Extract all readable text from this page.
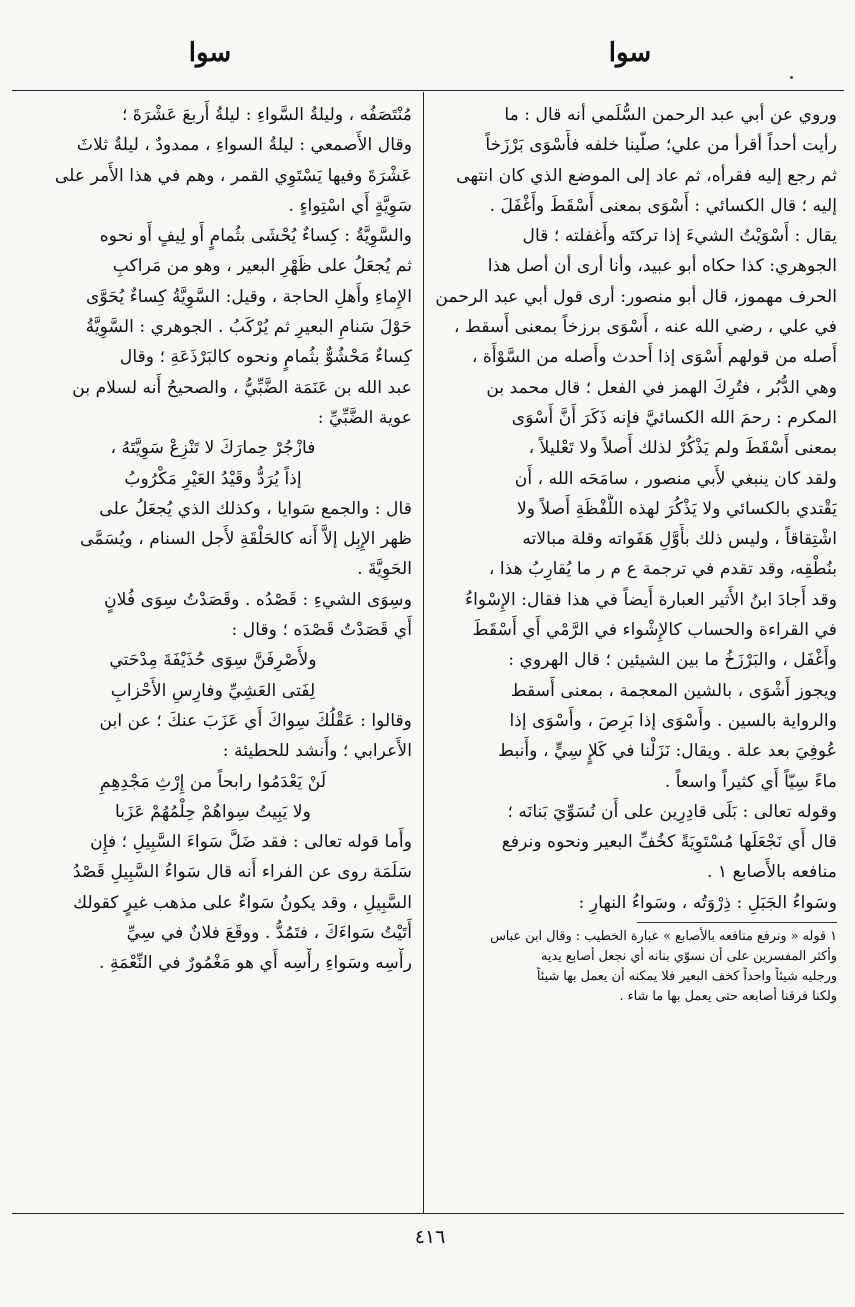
سوا
سوا

وروي عن أبي عبد الرحمن السُّلَمي أنه قال : ما
رأيت أحداً أقرأ من علي؛ صلّينا خلفه فأَسْوَى بَرْزَخاً
ثم رجع إليه فقرأه، ثم عاد إلى الموضع الذي كان انتهى
إليه ؛ قال الكسائي : أَسْوَى بمعنى أَسْقَطَ وأَغْفَلَ .
يقال : أَسْوَيْتُ الشيءَ إذا تركتَه وأَغفلته ؛ قال
الجوهري: كذا حكاه أبو عبيد، وأنا أرى أن أصل هذا
الحرف مهموز، قال أبو منصور: أرى قول أبي عبد الرحمن
في علي ، رضي الله عنه ، أَسْوَى برزخاً بمعنى أَسقط ،
أَصله من قولهم أَسْوَى إذا أَحدث وأَصله من السَّوْأَة ،
وهي الدُّبُر ، فتُرِكَ الهمز في الفعل ؛ قال محمد بن
المكرم : رحمَ الله الكسائيَّ فإنه ذَكَرَ أَنَّ أَسْوَى
بمعنى أَسْقَطَ ولم يَذْكُرْ لذلك أَصلاً ولا تَعْليلاً ،
ولقد كان ينبغي لأَبي منصور ، سامَحَه الله ، أَن
يَقْتدي بالكسائي ولا يَذْكُرَ لهذه اللَّفْظَةِ أَصلاً ولا
اشْتِقاقاً ، وليس ذلك بأَوَّلِ هَفَواته وقلة مبالاته
بنُطْقِه، وقد تقدم في ترجمة ع م ر ما يُقارِبُ هذا ،
وقد أَجادَ ابنُ الأَثير العبارة أَيضاً في هذا فقال: الإِسْواءُ
في القراءة والحساب كالإِشْواء في الرَّمْي أَي أَسْقَطَ
وأَغْفَل ، والبَرْزَخُ ما بين الشيئين ؛ قال الهروي :
ويجوز أَشْوَى ، بالشين المعجمة ، بمعنى أَسقط
والرواية بالسين . وأَسْوَى إذا بَرِصَ ، وأَسْوَى إذا
عُوفِيَ بعد علة . ويقال: نَزَلْنا في كَلإٍ سِيٍّ ، وأَنبط
ماءً سِيّاً أَي كثيراً واسعاً .

وقوله تعالى : بَلَى قادِرِين على أَن نُسَوِّيَ بَنانَه ؛
قال أَي نَجْعَلَها مُسْتَوِيَةً كخُفِّ البعير ونحوه ونرفع
منافعه بالأَصابع ١ .

وسَواءُ الجَبَلِ : ذِرْوَتُه ، وسَواءُ النهارِ :

١ قوله « ونرفع منافعه بالأصابع » عبارة الخطيب : وقال ابن عباس
وأكثر المفسرين على أن نسوّي بنانه أي نجعل أصابع يديه
ورجليه شيئاً واحداً كخف البعير فلا يمكنه أن يعمل بها شيئاً
ولكنا فرقنا أصابعه حتى يعمل بها ما شاء .

مُنْتَصَفُه ، وليلةُ السَّواءِ : ليلةُ أَربعَ عَشْرَةَ ؛
وقال الأَصمعي : ليلةُ السواءِ ، ممدودٌ ، ليلةُ ثلاثَ
عَشْرَةَ وفيها يَسْتَوِي القمر ، وهم في هذا الأَمر على
سَوِيَّةٍ أَي اسْتِواءٍ .

والسَّوِيَّةُ : كِساءٌ يُحْشَى بثُمامٍ أَو لِيفٍ أَو نحوه
ثم يُجعَلُ على ظَهْرِ البعير ، وهو من مَراكبِ
الإِماءِ وأَهلِ الحاجة ، وقيل: السَّوِيَّةُ كِساءٌ يُحَوَّى
حَوْلَ سَنامِ البعيرِ ثم يُرْكَبُ . الجوهري : السَّوِيَّةُ
كِساءٌ مَحْشُوٌّ بثُمامٍ ونحوه كالبَرْذَعَةِ ؛ وقال
عبد الله بن عَنَمَة الضَّبِّيُّ ، والصحيحُ أَنه لسلام بن
عوية الضَّبِّيِّ :

فازْجُرْ حِمارَكَ لا تَنْزِعْ سَوِيَّتَهُ ،
إذاً يُرَدُّ وقَيْدُ العَيْرِ مَكْرُوبُ

قال : والجمع سَوايا ، وكذلك الذي يُجعَلُ على
ظهر الإِبِل إلاَّ أَنه كالحَلْقَةِ لأَجل السنام ، ويُسَمَّى
الحَوِيَّةَ .

وسِوَى الشيءِ : قَصْدُه . وقَصَدْتُ سِوَى فُلانٍ
أَي قَصَدْتُ قَصْدَه ؛ وقال :

ولأَصْرِفَنَّ سِوَى حُذَيْفَةَ مِدْحَتي
لِفَتى العَشِيِّ وفارِسِ الأَحْزابِ

وقالوا : عَقْلُكَ سِواكَ أَي عَزَبَ عنكَ ؛ عن ابن
الأَعرابي ؛ وأَنشد للحطيئة :

لَنْ يَعْدَمُوا رابحاً من إِرْثِ مَجْدِهِمِ
ولا يَبِيتُ سِواهُمْ حِلْمُهُمْ عَزَبا

وأَما قوله تعالى : فقد ضَلَّ سَواءَ السَّبِيلِ ؛ فإِن
سَلَمَة روى عن الفراء أَنه قال سَواءُ السَّبِيلِ قَصْدُ
السَّبِيلِ ، وقد يكونُ سَواءٌ على مذهب غيرٍ كقولك
أَتَيْتُ سَواءَكَ ، فتَمُدُّ . ووقَعَ فلانٌ في سِيِّ
رأْسِه وسَواءِ رأْسِه أَي هو مَغْمُورٌ في النِّعْمَةِ .

٤١٦
